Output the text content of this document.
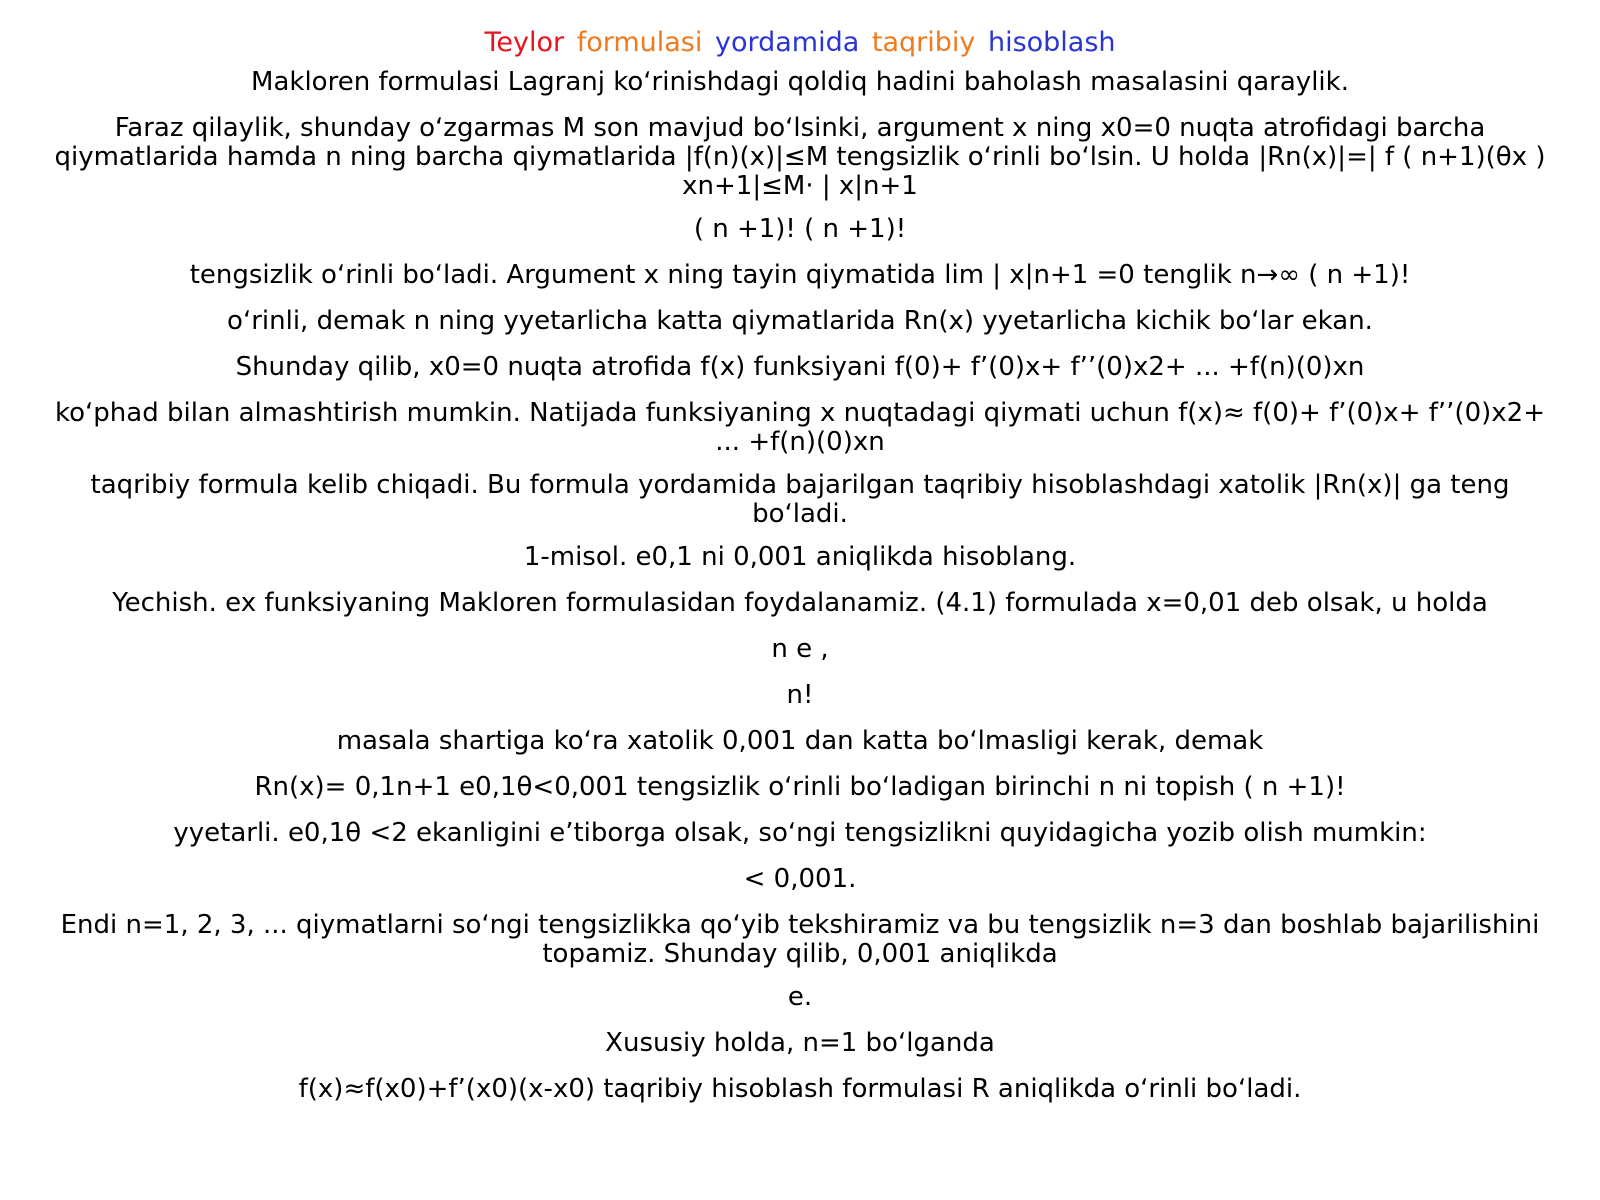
Teylor formulasi yordamida taqribiy hisoblash

Makloren formulasi Lagranj koʻrinishdagi qoldiq hadini baholash masalasini qaraylik.

Faraz qilaylik, shunday oʻzgarmas M son mavjud boʻlsinki, argument x ning x0=0 nuqta atrofidagi barcha qiymatlarida hamda n ning barcha qiymatlarida |f(n)(x)|≤M tengsizlik oʻrinli boʻlsin. U holda |Rn(x)|=| f ( n+1)(θx ) xn+1|≤M· | x|n+1

( n +1)! ( n +1)!

tengsizlik oʻrinli boʻladi. Argument x ning tayin qiymatida lim | x|n+1 =0 tenglik n→∞ ( n +1)!

oʻrinli, demak n ning yyetarlicha katta qiymatlarida Rn(x) yyetarlicha kichik boʻlar ekan.

Shunday qilib, x0=0 nuqta atrofida f(x) funksiyani f(0)+ f’(0)x+ f’’(0)x2+ ... +f(n)(0)xn

koʻphad bilan almashtirish mumkin. Natijada funksiyaning x nuqtadagi qiymati uchun f(x)≈ f(0)+ f’(0)x+ f’’(0)x2+ ... +f(n)(0)xn

taqribiy formula kelib chiqadi. Bu formula yordamida bajarilgan taqribiy hisoblashdagi xatolik |Rn(x)| ga teng boʻladi.

1-misol. e0,1 ni 0,001 aniqlikda hisoblang.

Yechish. ex funksiyaning Makloren formulasidan foydalanamiz. (4.1) formulada x=0,01 deb olsak, u holda

n e ,

n!

masala shartiga koʻra xatolik 0,001 dan katta boʻlmasligi kerak, demak

Rn(x)= 0,1n+1 e0,1θ<0,001 tengsizlik oʻrinli boʻladigan birinchi n ni topish ( n +1)!

yyetarli. e0,1θ <2 ekanligini e’tiborga olsak, soʻngi tengsizlikni quyidagicha yozib olish mumkin:

< 0,001.

Endi n=1, 2, 3, ... qiymatlarni soʻngi tengsizlikka qoʻyib tekshiramiz va bu tengsizlik n=3 dan boshlab bajarilishini topamiz. Shunday qilib, 0,001 aniqlikda

e.

Xususiy holda, n=1 boʻlganda

f(x)≈f(x0)+f’(x0)(x-x0) taqribiy hisoblash formulasi R aniqlikda oʻrinli boʻladi.
